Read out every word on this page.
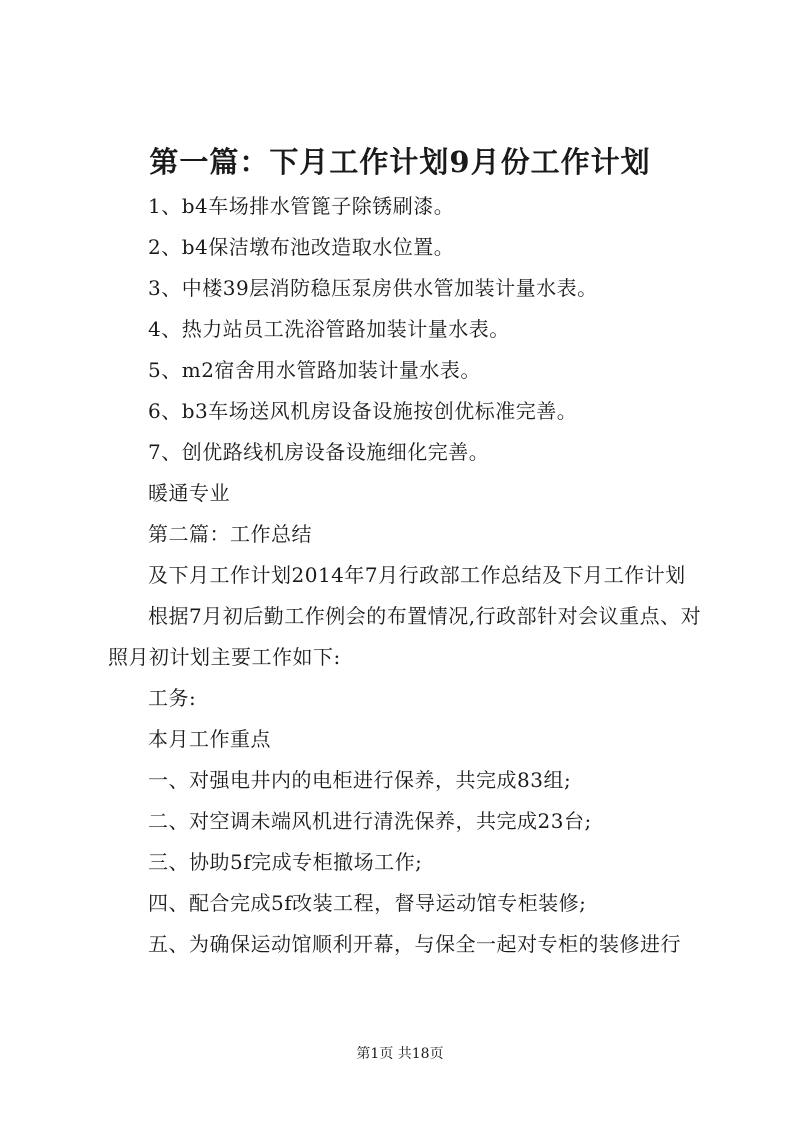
第一篇：下月工作计划9月份工作计划

1、b4车场排水管篦子除锈刷漆。

2、b4保洁墩布池改造取水位置。

3、中楼39层消防稳压泵房供水管加装计量水表。

4、热力站员工洗浴管路加装计量水表。

5、m2宿舍用水管路加装计量水表。

6、b3车场送风机房设备设施按创优标准完善。

7、创优路线机房设备设施细化完善。

暖通专业

第二篇：工作总结

及下月工作计划2014年7月行政部工作总结及下月工作计划

根据7月初后勤工作例会的布置情况,行政部针对会议重点、对照月初计划主要工作如下:

工务:

本月工作重点

一、对强电井内的电柜进行保养，共完成83组;

二、对空调未端风机进行清洗保养，共完成23台;

三、协助5f完成专柜撤场工作;

四、配合完成5f改装工程，督导运动馆专柜装修;

五、为确保运动馆顺利开幕，与保全一起对专柜的装修进行

第1页 共18页
